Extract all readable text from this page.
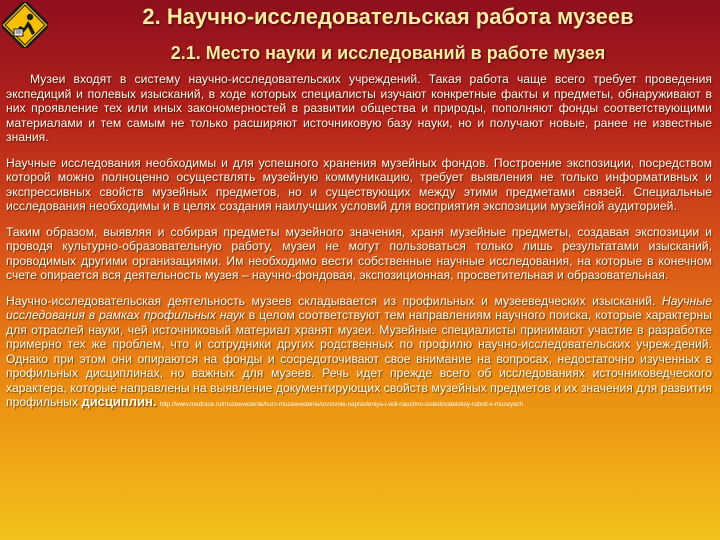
2. Научно-исследовательская работа музеев
2.1. Место науки и исследований в работе музея

Музеи входят в систему научно-исследовательских учреждений. Такая работа чаще всего требует проведения экспедиций и полевых изысканий, в ходе которых специалисты изучают конкретные факты и предметы, обнаруживают в них проявление тех или иных закономерностей в развитии общества и природы, пополняют фонды соответствующими материалами и тем самым не только расширяют источниковую базу науки, но и получают новые, ранее не известные знания.

Научные исследования необходимы и для успешного хранения музейных фондов. Построение экспозиции, посредством которой можно полноценно осуществлять музейную коммуникацию, требует выявления не только информативных и экспрессивных свойств музейных предметов, но и существующих между этими предметами связей. Специальные исследования необходимы и в целях создания наилучших условий для восприятия экспозиции музейной аудиторией.

Таким образом, выявляя и собирая предметы музейного значения, храня музейные предметы, создавая экспозиции и проводя культурно-образовательную работу, музеи не могут пользоваться только лишь результатами изысканий, проводимых другими организациями. Им необходимо вести собственные научные исследования, на которые в конечном счете опирается вся деятельность музея – научно-фондовая, экспозиционная, просветительная и образовательная.

Научно-исследовательская деятельность музеев складывается из профильных и музееведческих изысканий. Научные исследования в рамках профильных наук в целом соответствуют тем направлениям научного поиска, которые характерны для отраслей науки, чей источниковый материал хранят музеи. Музейные специалисты принимают участие в разработке примерно тех же проблем, что и сотрудники других родственных по профилю научно-исследовательских учреж-дений. Однако при этом они опираются на фонды и сосредоточивают свое внимание на вопросах, недостаточно изученных в профильных дисциплинах, но важных для музеев. Речь идет прежде всего об исследованиях источниковедческого характера, которые направлены на выявление документирующих свойств музейных предметов и их значения для развития профильных дисциплин. http://www.medrace.ru/muzeevedenie/kurs-muzeevedenie/osnovnie-napravleniya-i-vidi-nauchno-issledovatelskoy-raboti-v-muzeyach
